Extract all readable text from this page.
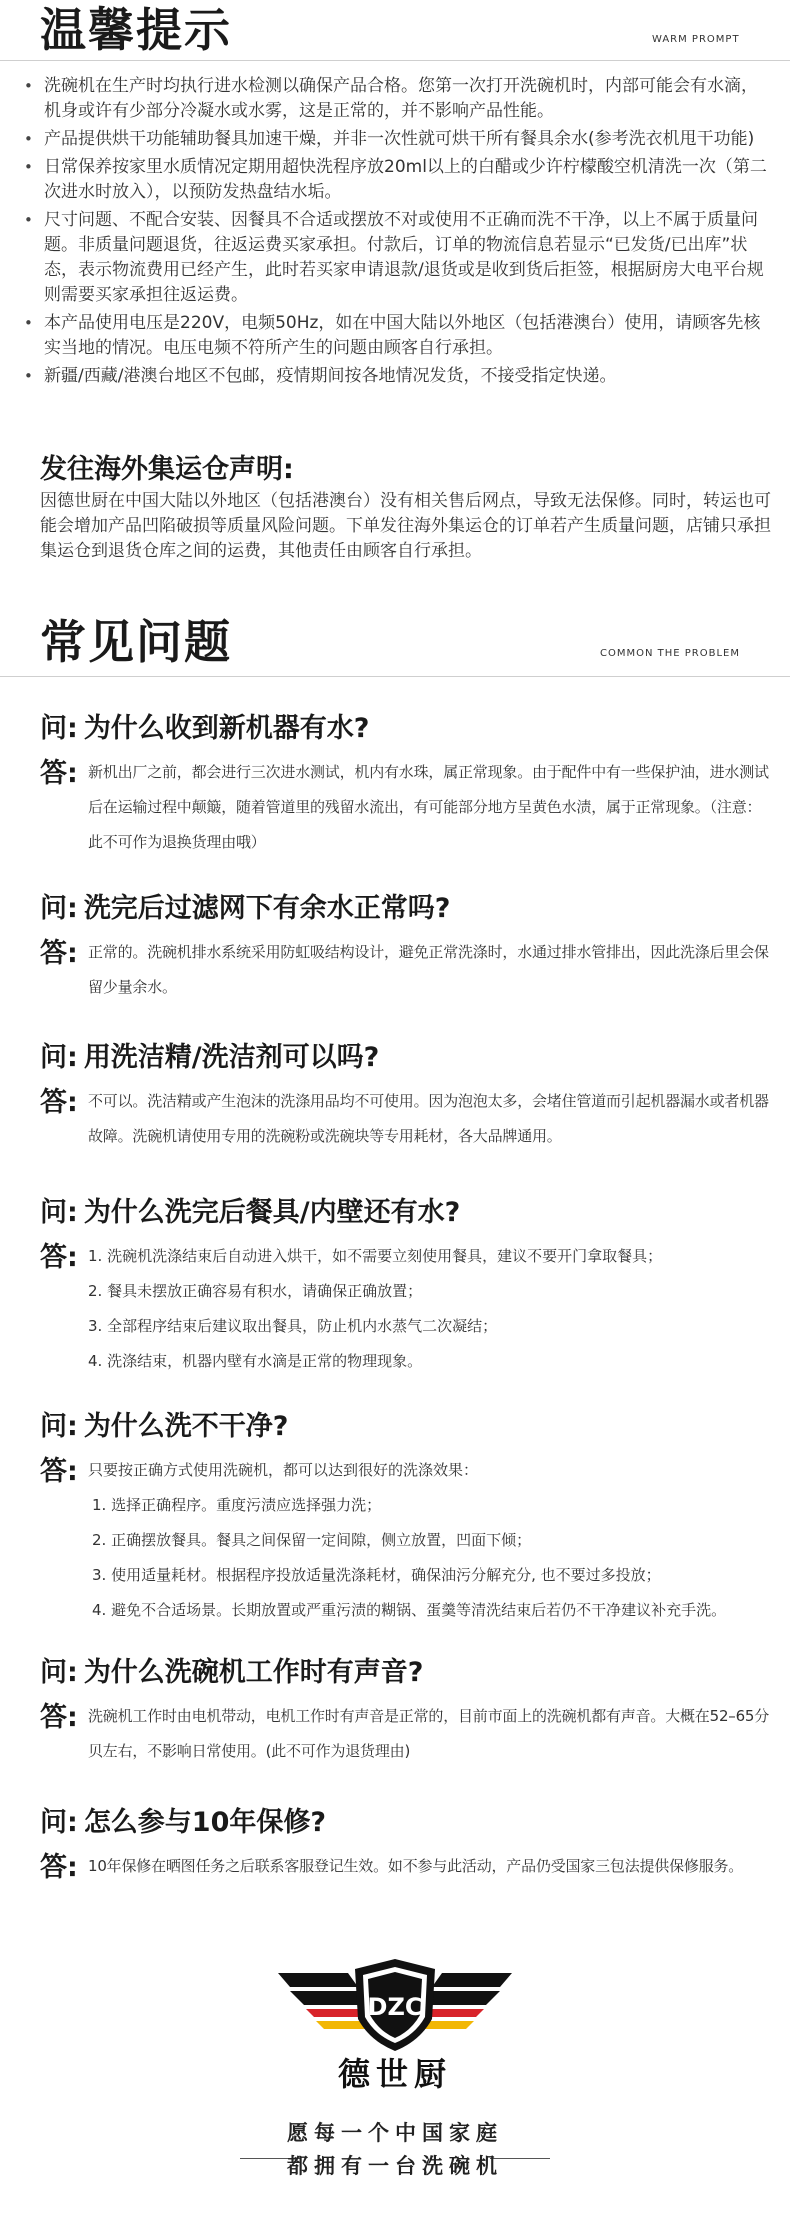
温馨提示	WARM PROMPT
• 洗碗机在生产时均执行进水检测以确保产品合格。您第一次打开洗碗机时，内部可能会有水滴，机身或许有少部分冷凝水或水雾，这是正常的，并不影响产品性能。
• 产品提供烘干功能辅助餐具加速干燥，并非一次性就可烘干所有餐具余水(参考洗衣机甩干功能)
• 日常保养按家里水质情况定期用超快洗程序放20ml以上的白醋或少许柠檬酸空机清洗一次（第二次进水时放入），以预防发热盘结水垢。
• 尺寸问题、不配合安装、因餐具不合适或摆放不对或使用不正确而洗不干净，以上不属于质量问题。非质量问题退货，往返运费买家承担。付款后，订单的物流信息若显示“已发货/已出库”状态，表示物流费用已经产生，此时若买家申请退款/退货或是收到货后拒签，根据厨房大电平台规则需要买家承担往返运费。
• 本产品使用电压是220V，电频50Hz，如在中国大陆以外地区（包括港澳台）使用，请顾客先核实当地的情况。电压电频不符所产生的问题由顾客自行承担。
• 新疆/西藏/港澳台地区不包邮，疫情期间按各地情况发货，不接受指定快递。
发往海外集运仓声明:
因德世厨在中国大陆以外地区（包括港澳台）没有相关售后网点，导致无法保修。同时，转运也可能会增加产品凹陷破损等质量风险问题。下单发往海外集运仓的订单若产生质量问题，店铺只承担集运仓到退货仓库之间的运费，其他责任由顾客自行承担。
常见问题	COMMON THE PROBLEM
问: 为什么收到新机器有水?
答: 新机出厂之前，都会进行三次进水测试，机内有水珠，属正常现象。由于配件中有一些保护油，进水测试后在运输过程中颠簸，随着管道里的残留水流出，有可能部分地方呈黄色水渍，属于正常现象。（注意：此不可作为退换货理由哦）
问: 洗完后过滤网下有余水正常吗?
答: 正常的。洗碗机排水系统采用防虹吸结构设计，避免正常洗涤时，水通过排水管排出，因此洗涤后里会保留少量余水。
问: 用洗洁精/洗洁剂可以吗?
答: 不可以。洗洁精或产生泡沫的洗涤用品均不可使用。因为泡泡太多，会堵住管道而引起机器漏水或者机器故障。洗碗机请使用专用的洗碗粉或洗碗块等专用耗材，各大品牌通用。
问: 为什么洗完后餐具/内壁还有水?
答: 1. 洗碗机洗涤结束后自动进入烘干，如不需要立刻使用餐具，建议不要开门拿取餐具；
2. 餐具未摆放正确容易有积水，请确保正确放置；
3. 全部程序结束后建议取出餐具，防止机内水蒸气二次凝结；
4. 洗涤结束，机器内壁有水滴是正常的物理现象。
问: 为什么洗不干净?
答: 只要按正确方式使用洗碗机，都可以达到很好的洗涤效果：
1. 选择正确程序。重度污渍应选择强力洗；
2. 正确摆放餐具。餐具之间保留一定间隙，侧立放置，凹面下倾；
3. 使用适量耗材。根据程序投放适量洗涤耗材，确保油污分解充分, 也不要过多投放；
4. 避免不合适场景。长期放置或严重污渍的糊锅、蛋羹等清洗结束后若仍不干净建议补充手洗。
问: 为什么洗碗机工作时有声音?
答: 洗碗机工作时由电机带动，电机工作时有声音是正常的，目前市面上的洗碗机都有声音。大概在52–65分贝左右，不影响日常使用。(此不可作为退货理由)
问: 怎么参与10年保修?
答: 10年保修在晒图任务之后联系客服登记生效。如不参与此活动，产品仍受国家三包法提供保修服务。
DZC
德世厨
愿每一个中国家庭
都拥有一台洗碗机
